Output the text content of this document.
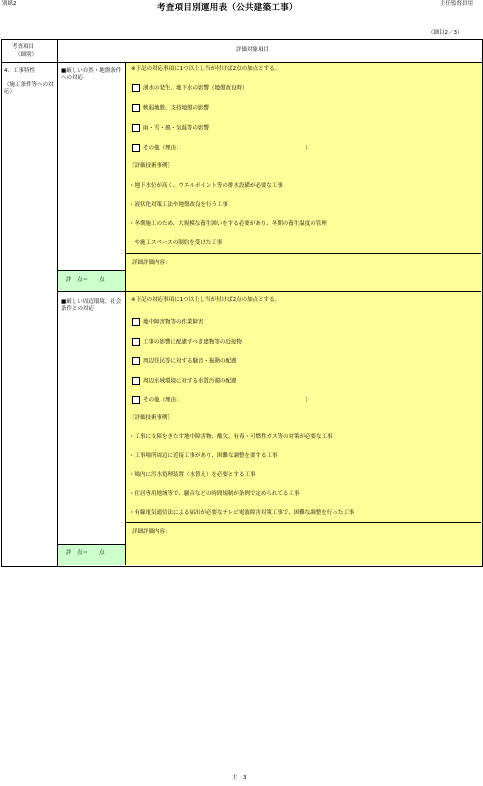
別紙2	考査項目別運用表（公共建築工事）	主任監督員用
（細目2／3）
考査項目
（細別）
評価対象項目
4．工事特性
（施工条件等への対応）
■厳しい自然・地盤条件への対応
※下記の対応事項に1つ以上し当が付けば2点の加点とする。
湧水の発生、地下水の影響（地盤改良時）
軟弱地盤、支持地盤の影響
雨・雪・風・気温等の影響
その他（理由：　　　　　　　　　　　　　　　　　　　　　　　）
［評価技術事例］
・地下水位が高く、ウエルポイント等の排水設備が必要な工事
・液状化対策工法や地盤改良を行う工事
・冬期施工のため、大規模な養生囲いをする必要があり、冬期の養生温度の管理
　や施工スペースの制約を受けた工事
詳細評価内容：
評　点＝　　点
■厳しい周辺環境、社会条件との対応
※下記の対応事項に1つ以上し当が付けば2点の加点とする。
地中障害物等の作業障害
工事の影響に配慮すべき建物等の近接物
周辺住民等に対する騒音・振動の配慮
周辺水域環境に対する水質汚濁の配慮
その他（理由：　　　　　　　　　　　　　　　　　　　　　　　）
［評価技術事例］
・工事に支障をきたす地中障害物、酸欠、有毒・可燃性ガス等の対策が必要な工事
・工事場所周辺に近接工事があり、困難な調整を要する工事
・場内に汚水処理装置（水替え）を必要とする工事
・住居専用地域等で、騒音などの時間規制が条例で定められてる工事
・有線電気通信法による届出が必要なテレビ電波障害対策工事で、困難な調整を行った工事
詳細評価内容：
評　点＝　　点
主　3
